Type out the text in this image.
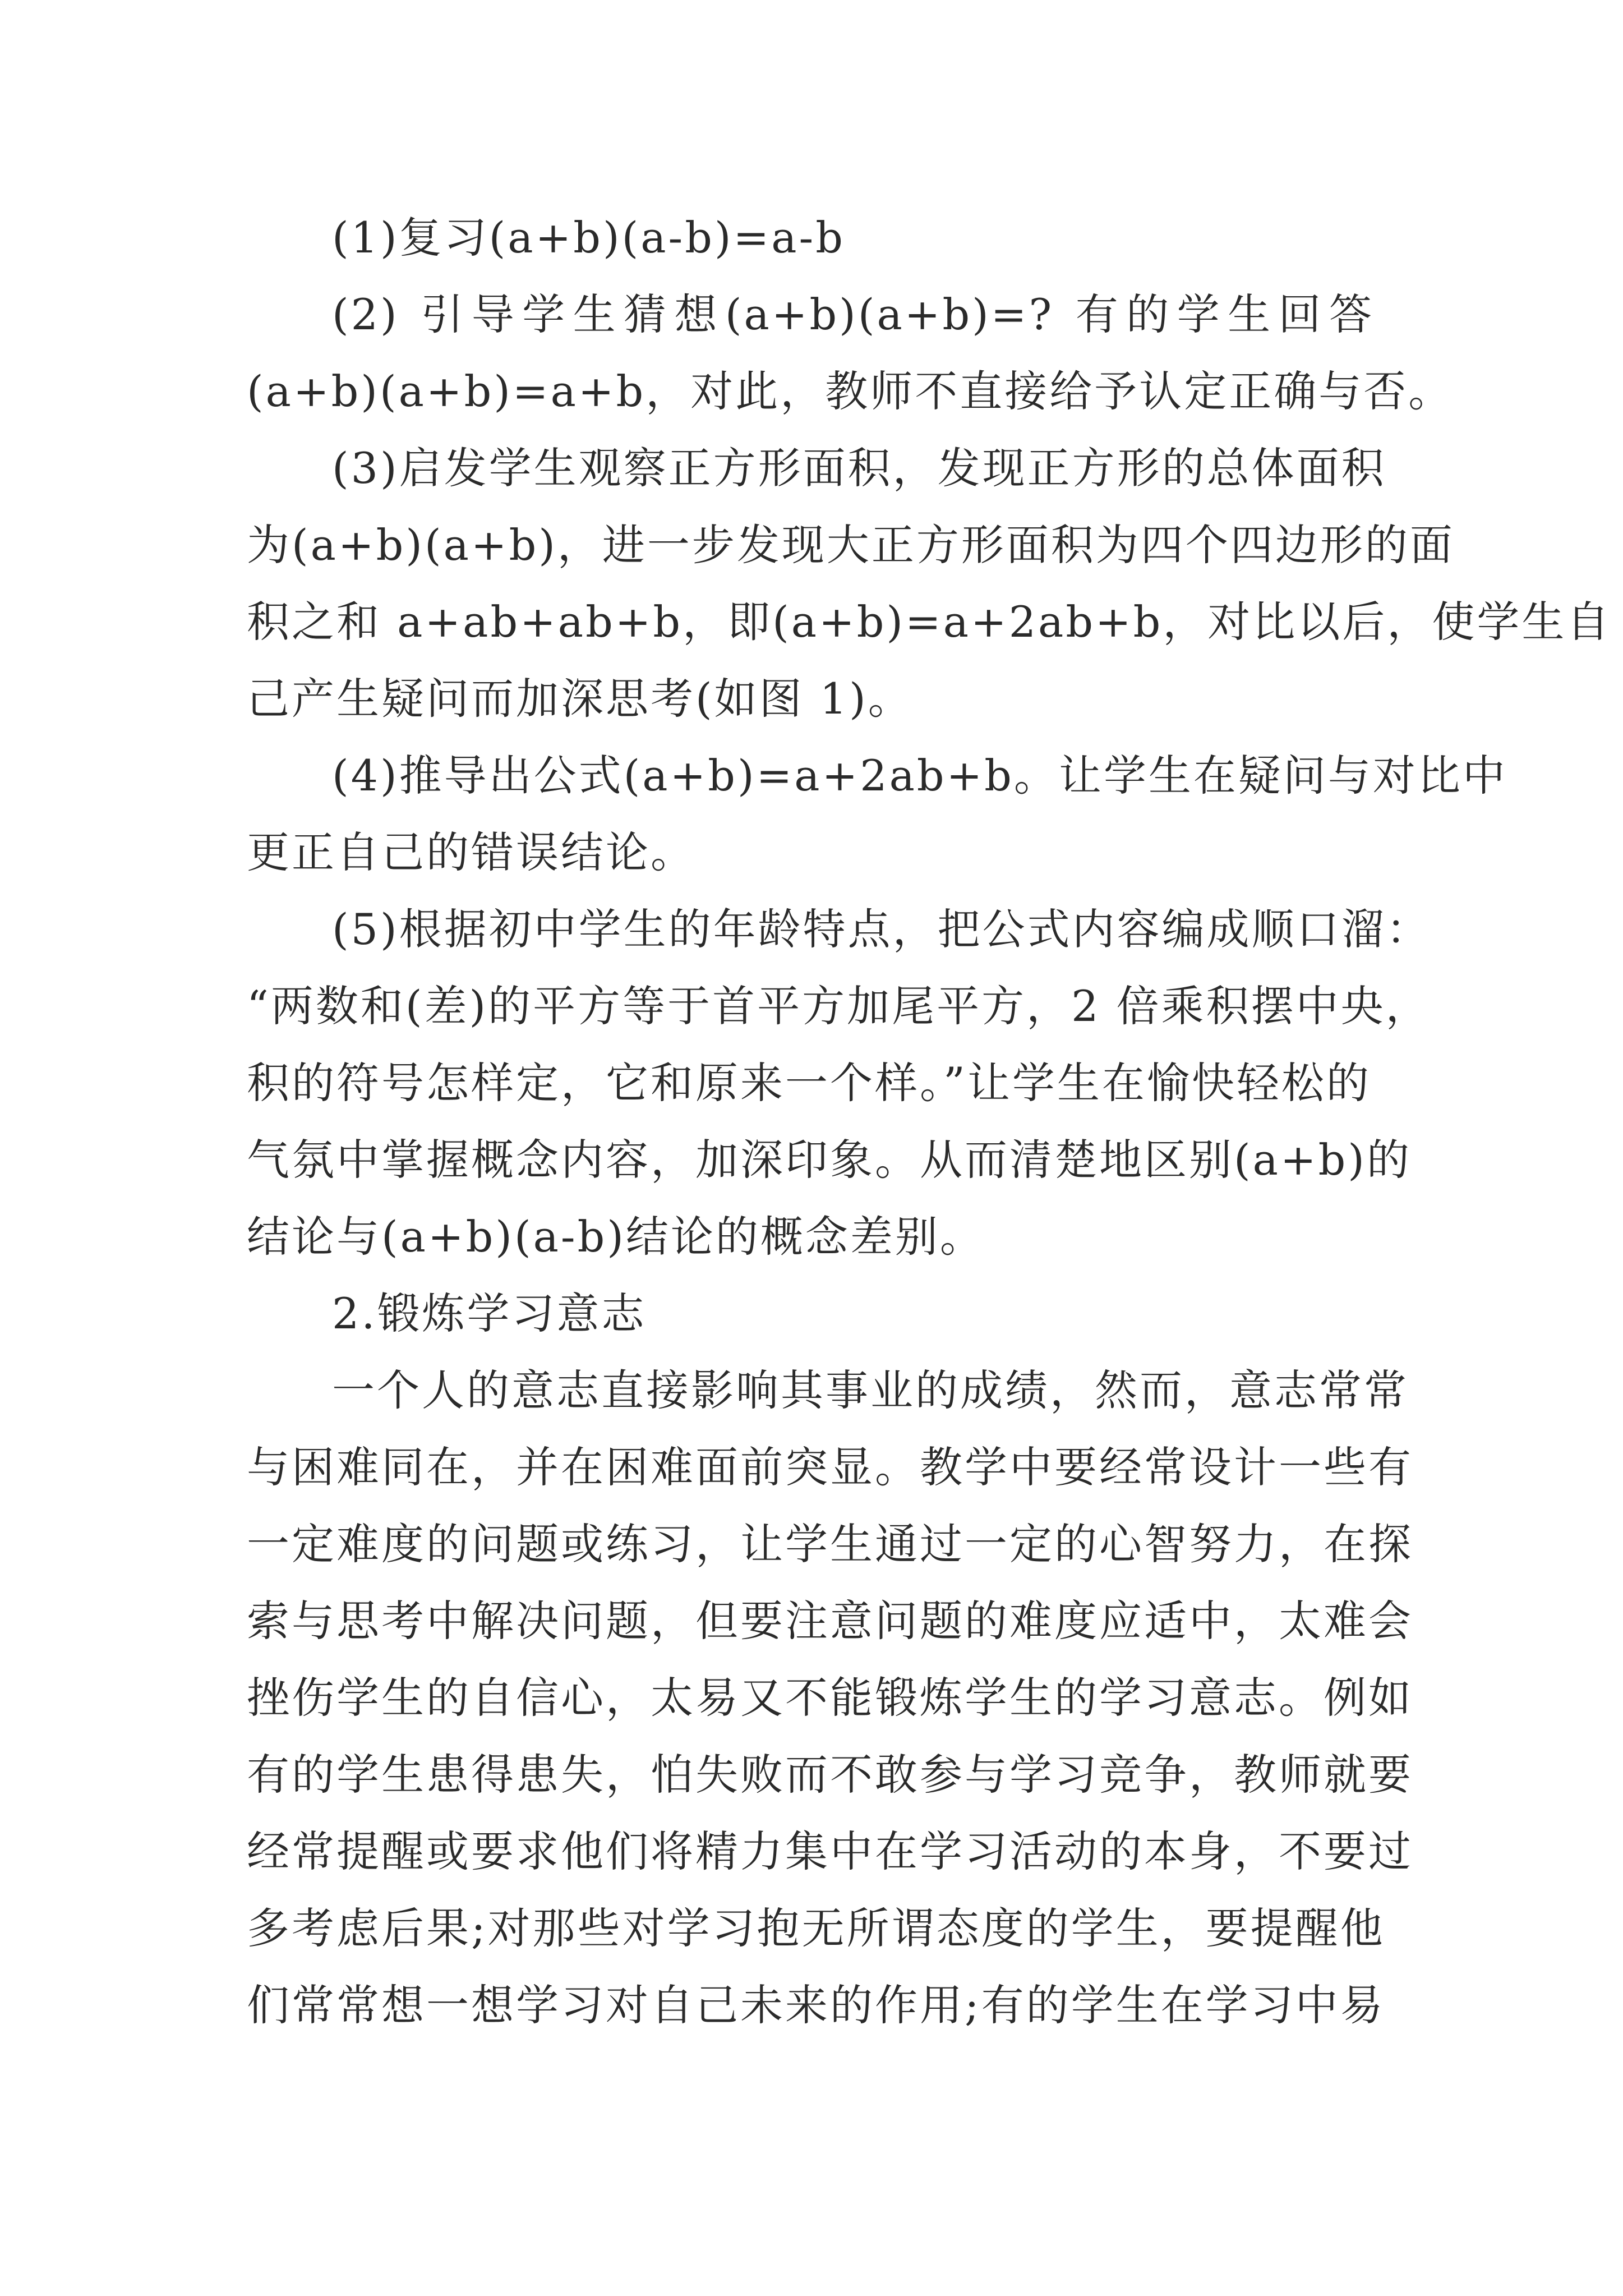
(1)复习(a+b)(a-b)=a-b
(2) 引导学生猜想(a+b)(a+b)=? 有的学生回答
(a+b)(a+b)=a+b，对此，教师不直接给予认定正确与否。
(3)启发学生观察正方形面积，发现正方形的总体面积
为(a+b)(a+b)，进一步发现大正方形面积为四个四边形的面
积之和 a+ab+ab+b，即(a+b)=a+2ab+b，对比以后，使学生自
己产生疑问而加深思考(如图 1)。
(4)推导出公式(a+b)=a+2ab+b。让学生在疑问与对比中
更正自己的错误结论。
(5)根据初中学生的年龄特点，把公式内容编成顺口溜：
“两数和(差)的平方等于首平方加尾平方，2 倍乘积摆中央，
积的符号怎样定，它和原来一个样。”让学生在愉快轻松的
气氛中掌握概念内容，加深印象。从而清楚地区别(a+b)的
结论与(a+b)(a-b)结论的概念差别。
2.锻炼学习意志
一个人的意志直接影响其事业的成绩，然而，意志常常
与困难同在，并在困难面前突显。教学中要经常设计一些有
一定难度的问题或练习，让学生通过一定的心智努力，在探
索与思考中解决问题，但要注意问题的难度应适中，太难会
挫伤学生的自信心，太易又不能锻炼学生的学习意志。例如
有的学生患得患失，怕失败而不敢参与学习竞争，教师就要
经常提醒或要求他们将精力集中在学习活动的本身，不要过
多考虑后果;对那些对学习抱无所谓态度的学生，要提醒他
们常常想一想学习对自己未来的作用;有的学生在学习中易
